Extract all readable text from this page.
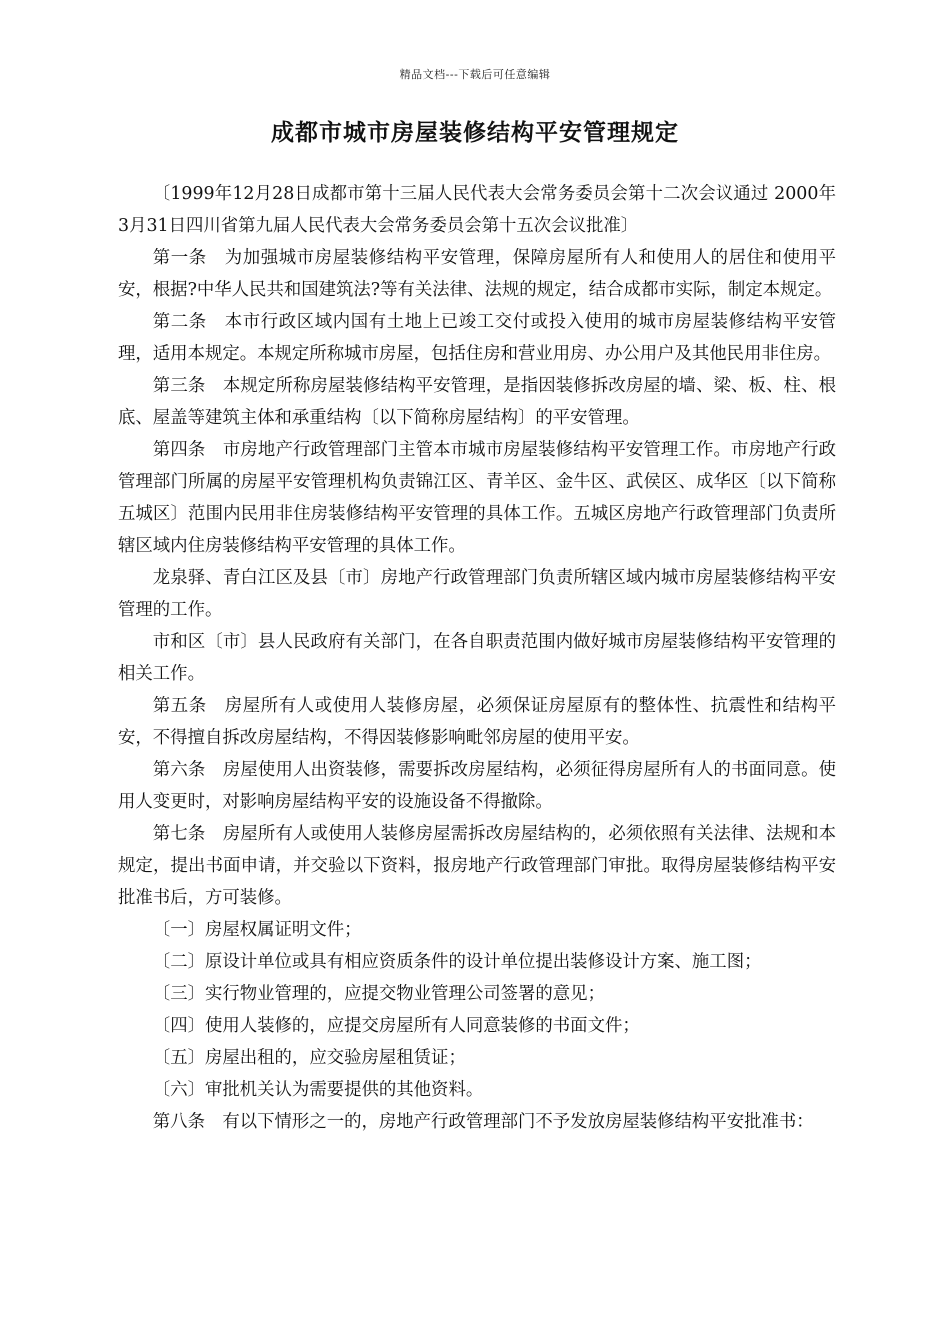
精品文档---下载后可任意编辑
成都市城市房屋装修结构平安管理规定

〔1999年12月28日成都市第十三届人民代表大会常务委员会第十二次会议通过 2000年3月31日四川省第九届人民代表大会常务委员会第十五次会议批准〕

第一条　为加强城市房屋装修结构平安管理，保障房屋所有人和使用人的居住和使用平安，根据?中华人民共和国建筑法?等有关法律、法规的规定，结合成都市实际，制定本规定。

第二条　本市行政区域内国有土地上已竣工交付或投入使用的城市房屋装修结构平安管理，适用本规定。本规定所称城市房屋，包括住房和营业用房、办公用户及其他民用非住房。

第三条　本规定所称房屋装修结构平安管理，是指因装修拆改房屋的墙、梁、板、柱、根底、屋盖等建筑主体和承重结构〔以下简称房屋结构〕的平安管理。

第四条　市房地产行政管理部门主管本市城市房屋装修结构平安管理工作。市房地产行政管理部门所属的房屋平安管理机构负责锦江区、青羊区、金牛区、武侯区、成华区〔以下简称五城区〕范围内民用非住房装修结构平安管理的具体工作。五城区房地产行政管理部门负责所辖区域内住房装修结构平安管理的具体工作。

龙泉驿、青白江区及县〔市〕房地产行政管理部门负责所辖区域内城市房屋装修结构平安管理的工作。

市和区〔市〕县人民政府有关部门，在各自职责范围内做好城市房屋装修结构平安管理的相关工作。

第五条　房屋所有人或使用人装修房屋，必须保证房屋原有的整体性、抗震性和结构平安，不得擅自拆改房屋结构，不得因装修影响毗邻房屋的使用平安。

第六条　房屋使用人出资装修，需要拆改房屋结构，必须征得房屋所有人的书面同意。使用人变更时，对影响房屋结构平安的设施设备不得撤除。

第七条　房屋所有人或使用人装修房屋需拆改房屋结构的，必须依照有关法律、法规和本规定，提出书面申请，并交验以下资料，报房地产行政管理部门审批。取得房屋装修结构平安批准书后，方可装修。

〔一〕房屋权属证明文件；

〔二〕原设计单位或具有相应资质条件的设计单位提出装修设计方案、施工图；

〔三〕实行物业管理的，应提交物业管理公司签署的意见；

〔四〕使用人装修的，应提交房屋所有人同意装修的书面文件；

〔五〕房屋出租的，应交验房屋租赁证；

〔六〕审批机关认为需要提供的其他资料。

第八条　有以下情形之一的，房地产行政管理部门不予发放房屋装修结构平安批准书：
